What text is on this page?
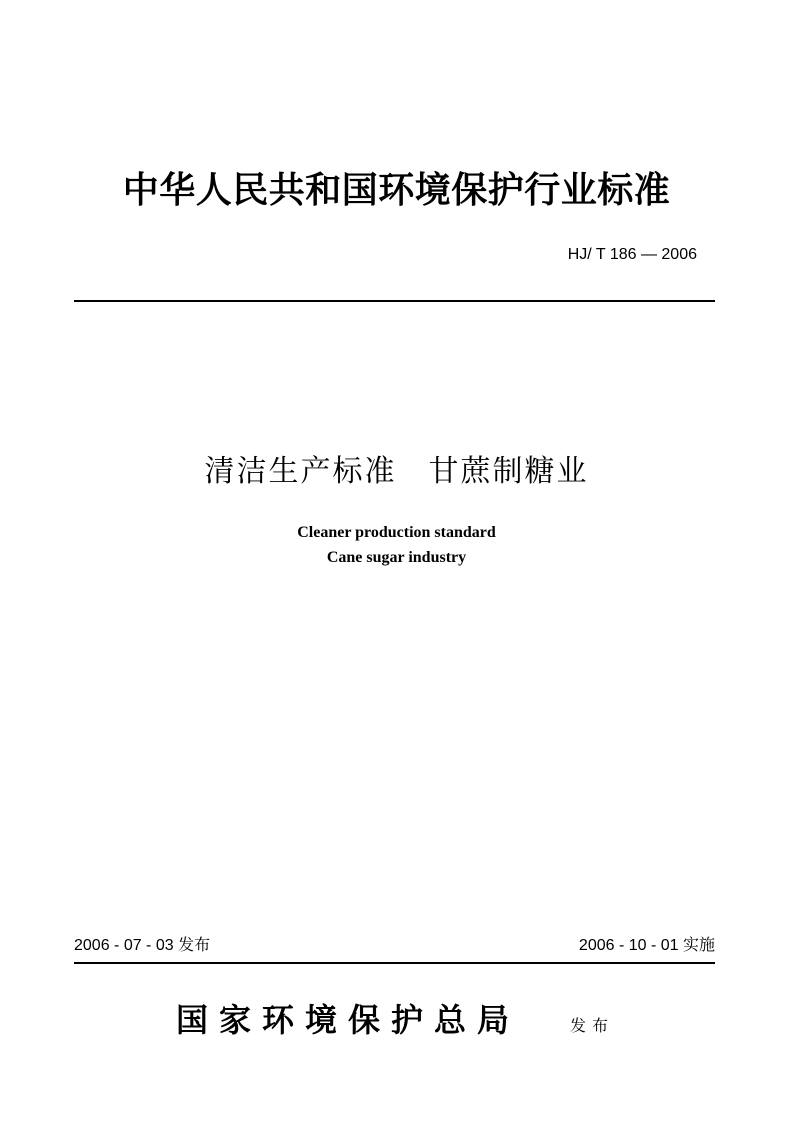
中华人民共和国环境保护行业标准
HJ/ T 186 — 2006
清洁生产标准 甘蔗制糖业
Cleaner production standard
Cane sugar industry
2006 - 07 - 03 发布	2006 - 10 - 01 实施
国家环境保护总局	发布
